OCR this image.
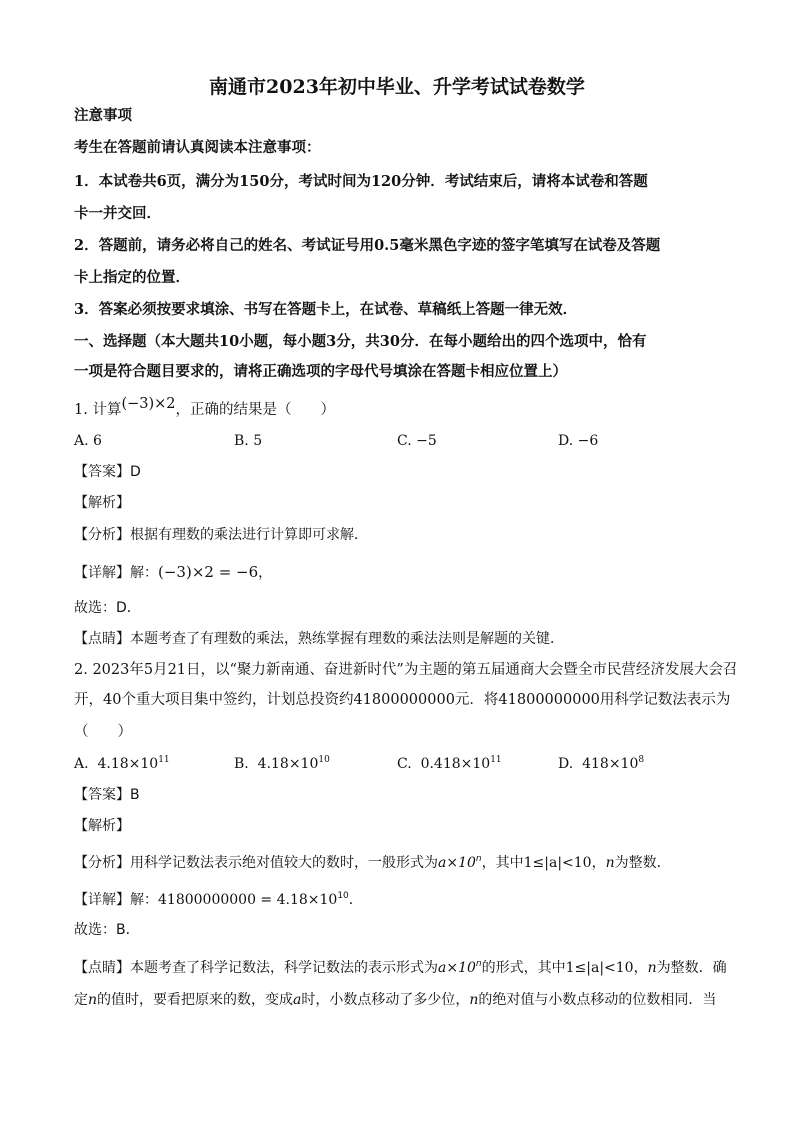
南通市2023年初中毕业、升学考试试卷数学
注意事项
考生在答题前请认真阅读本注意事项：
1．本试卷共6页，满分为150分，考试时间为120分钟．考试结束后，请将本试卷和答题
卡一并交回．
2．答题前，请务必将自己的姓名、考试证号用0.5毫米黑色字迹的签字笔填写在试卷及答题
卡上指定的位置．
3．答案必须按要求填涂、书写在答题卡上，在试卷、草稿纸上答题一律无效．
一、选择题（本大题共10小题，每小题3分，共30分．在每小题给出的四个选项中，恰有
一项是符合题目要求的，请将正确选项的字母代号填涂在答题卡相应位置上）
1. 计算(−3)×2，正确的结果是（　　）
A. 6	B. 5	C. −5	D. −6
【答案】D
【解析】
【分析】根据有理数的乘法进行计算即可求解．
【详解】解：(−3)×2 = −6，
故选：D．
【点睛】本题考查了有理数的乘法，熟练掌握有理数的乘法法则是解题的关键．
2. 2023年5月21日，以“聚力新南通、奋进新时代”为主题的第五届通商大会暨全市民营经济发展大会召
开，40个重大项目集中签约，计划总投资约41800000000元．将41800000000用科学记数法表示为
（　　）
A. $4.18\times 10^{11}$	B. $4.18\times 10^{10}$	C. $0.418\times 10^{11}$	D. $418\times 10^8$
【答案】B
【解析】
【分析】用科学记数法表示绝对值较大的数时，一般形式为$a\times 10^n$，其中1≤|a|<10，n为整数．
【详解】解：$41800000000 = 4.18\times 10^{10}$．
故选：B．
【点睛】本题考查了科学记数法，科学记数法的表示形式为$a\times 10^n$的形式，其中1≤|a|<10，n为整数．确
定n的值时，要看把原来的数，变成a时，小数点移动了多少位，n的绝对值与小数点移动的位数相同．当
